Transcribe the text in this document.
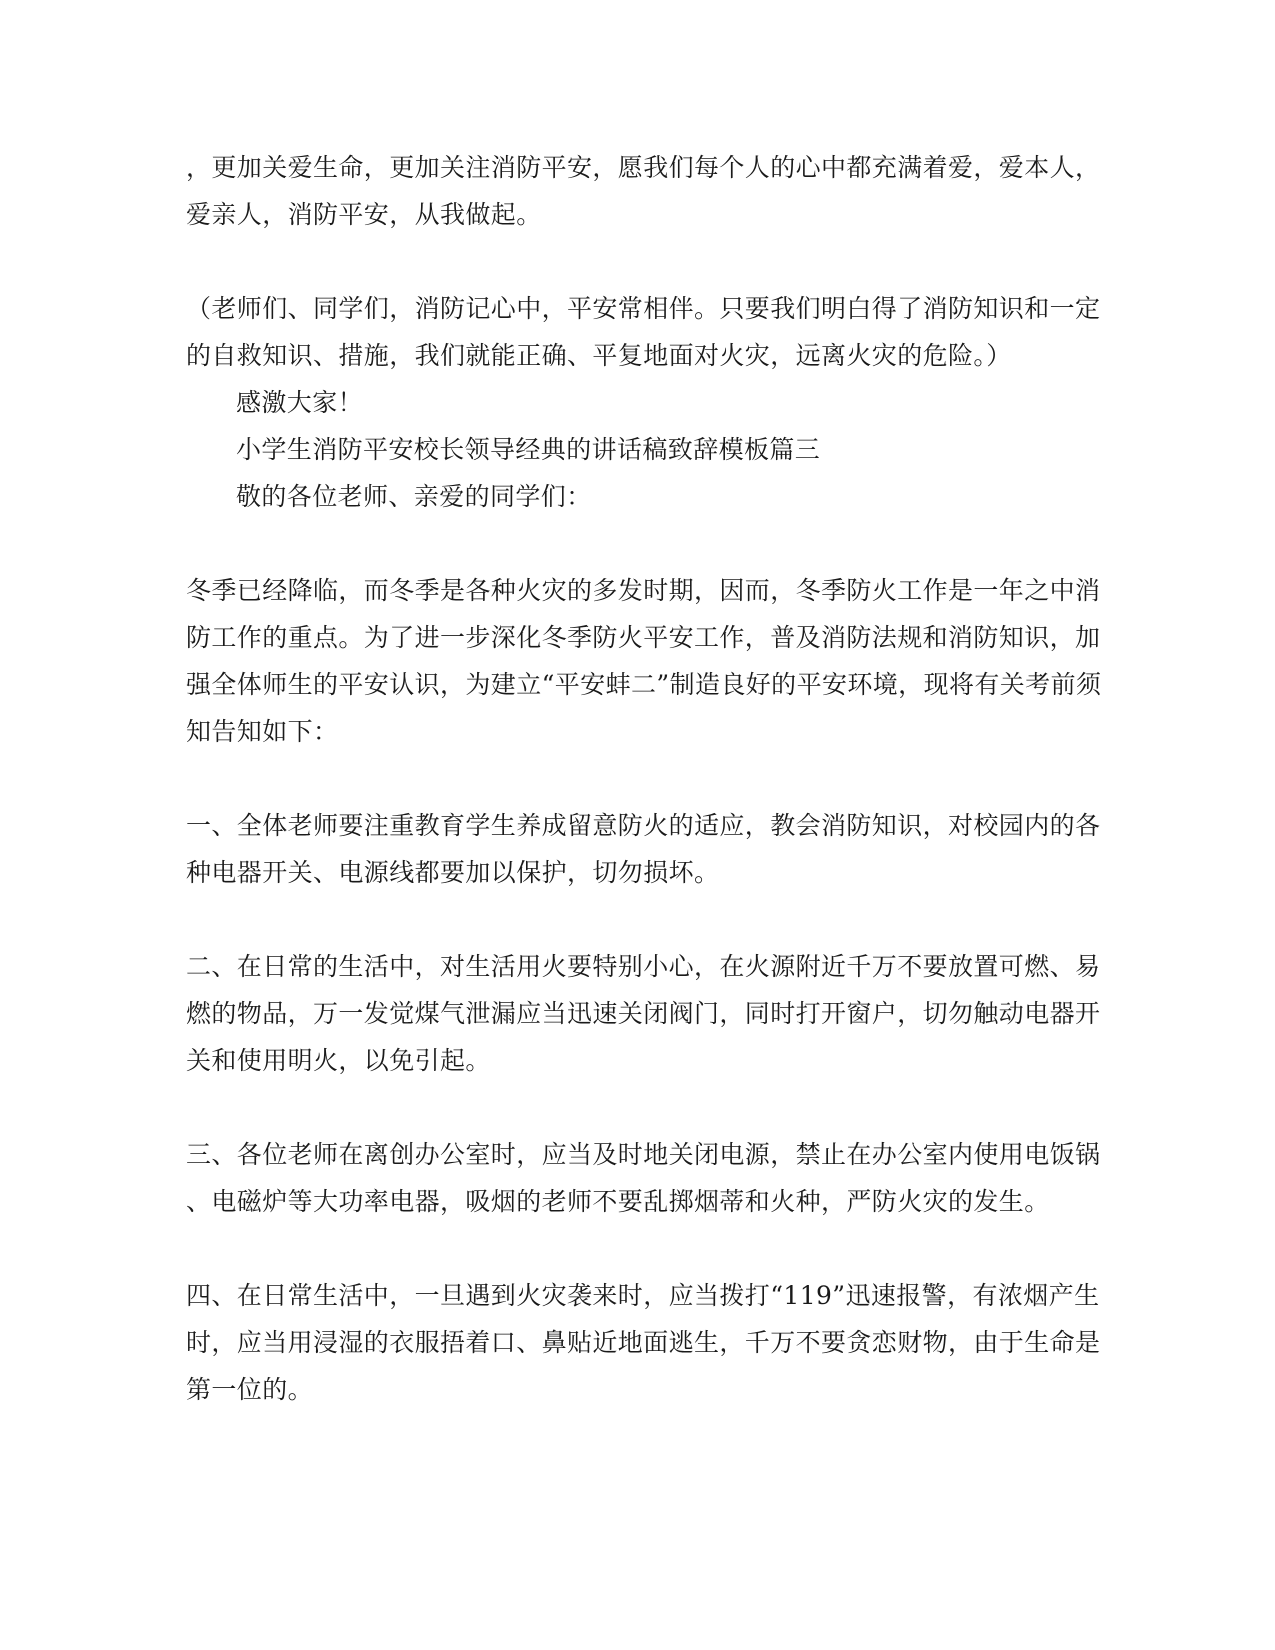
，更加关爱生命，更加关注消防平安，愿我们每个人的心中都充满着爱，爱本人，
爱亲人，消防平安，从我做起。
（老师们、同学们，消防记心中，平安常相伴。只要我们明白得了消防知识和一定
的自救知识、措施，我们就能正确、平复地面对火灾，远离火灾的危险。）
感激大家！
小学生消防平安校长领导经典的讲话稿致辞模板篇三
敬的各位老师、亲爱的同学们：
冬季已经降临，而冬季是各种火灾的多发时期，因而，冬季防火工作是一年之中消
防工作的重点。为了进一步深化冬季防火平安工作，普及消防法规和消防知识，加
强全体师生的平安认识，为建立“平安蚌二”制造良好的平安环境，现将有关考前须
知告知如下：
一、全体老师要注重教育学生养成留意防火的适应，教会消防知识，对校园内的各
种电器开关、电源线都要加以保护，切勿损坏。
二、在日常的生活中，对生活用火要特别小心，在火源附近千万不要放置可燃、易
燃的物品，万一发觉煤气泄漏应当迅速关闭阀门，同时打开窗户，切勿触动电器开
关和使用明火，以免引起。
三、各位老师在离创办公室时，应当及时地关闭电源，禁止在办公室内使用电饭锅
、电磁炉等大功率电器，吸烟的老师不要乱掷烟蒂和火种，严防火灾的发生。
四、在日常生活中，一旦遇到火灾袭来时，应当拨打“119”迅速报警，有浓烟产生
时，应当用浸湿的衣服捂着口、鼻贴近地面逃生，千万不要贪恋财物，由于生命是
第一位的。
